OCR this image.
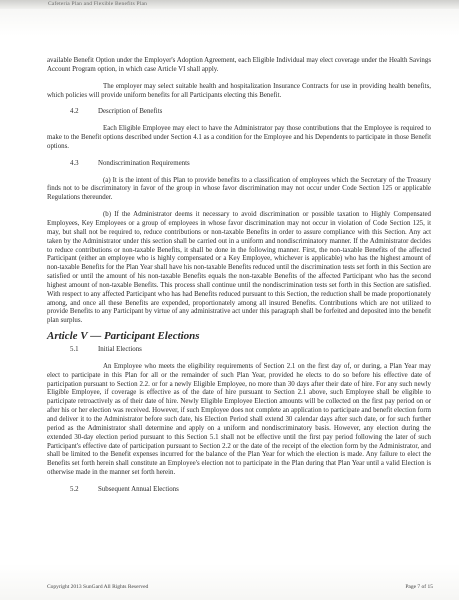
Cafeteria Plan and Flexible Benefits Plan

available Benefit Option under the Employer's Adoption Agreement, each Eligible Individual may elect coverage under the Health Savings Account Program option, in which case Article VI shall apply.

The employer may select suitable health and hospitalization Insurance Contracts for use in providing health benefits, which policies will provide uniform benefits for all Participants electing this Benefit.

4.2	Description of Benefits

Each Eligible Employee may elect to have the Administrator pay those contributions that the Employee is required to make to the Benefit options described under Section 4.1 as a condition for the Employee and his Dependents to participate in those Benefit options.

4.3	Nondiscrimination Requirements

(a) It is the intent of this Plan to provide benefits to a classification of employees which the Secretary of the Treasury finds not to be discriminatory in favor of the group in whose favor discrimination may not occur under Code Section 125 or applicable Regulations thereunder.

(b) If the Administrator deems it necessary to avoid discrimination or possible taxation to Highly Compensated Employees, Key Employees or a group of employees in whose favor discrimination may not occur in violation of Code Section 125, it may, but shall not be required to, reduce contributions or non-taxable Benefits in order to assure compliance with this Section. Any act taken by the Administrator under this section shall be carried out in a uniform and nondiscriminatory manner. If the Administrator decides to reduce contributions or non-taxable Benefits, it shall be done in the following manner. First, the non-taxable Benefits of the affected Participant (either an employee who is highly compensated or a Key Employee, whichever is applicable) who has the highest amount of non-taxable Benefits for the Plan Year shall have his non-taxable Benefits reduced until the discrimination tests set forth in this Section are satisfied or until the amount of his non-taxable Benefits equals the non-taxable Benefits of the affected Participant who has the second highest amount of non-taxable Benefits. This process shall continue until the nondiscrimination tests set forth in this Section are satisfied. With respect to any affected Participant who has had Benefits reduced pursuant to this Section, the reduction shall be made proportionately among, and once all these Benefits are expended, proportionately among all insured Benefits. Contributions which are not utilized to provide Benefits to any Participant by virtue of any administrative act under this paragraph shall be forfeited and deposited into the benefit plan surplus.

Article V — Participant Elections
5.1	Initial Elections

An Employee who meets the eligibility requirements of Section 2.1 on the first day of, or during, a Plan Year may elect to participate in this Plan for all or the remainder of such Plan Year, provided he elects to do so before his effective date of participation pursuant to Section 2.2. or for a newly Eligible Employee, no more than 30 days after their date of hire. For any such newly Eligible Employee, if coverage is effective as of the date of hire pursuant to Section 2.1 above, such Employee shall be eligible to participate retroactively as of their date of hire. Newly Eligible Employee Election amounts will be collected on the first pay period on or after his or her election was received. However, if such Employee does not complete an application to participate and benefit election form and deliver it to the Administrator before such date, his Election Period shall extend 30 calendar days after such date, or for such further period as the Administrator shall determine and apply on a uniform and nondiscriminatory basis. However, any election during the extended 30-day election period pursuant to this Section 5.1 shall not be effective until the first pay period following the later of such Participant's effective date of participation pursuant to Section 2.2 or the date of the receipt of the election form by the Administrator, and shall be limited to the Benefit expenses incurred for the balance of the Plan Year for which the election is made. Any failure to elect the Benefits set forth herein shall constitute an Employee's election not to participate in the Plan during that Plan Year until a valid Election is otherwise made in the manner set forth herein.

5.2	Subsequent Annual Elections
Copyright 2013 SunGard All Rights Reserved	Page 7 of 15
